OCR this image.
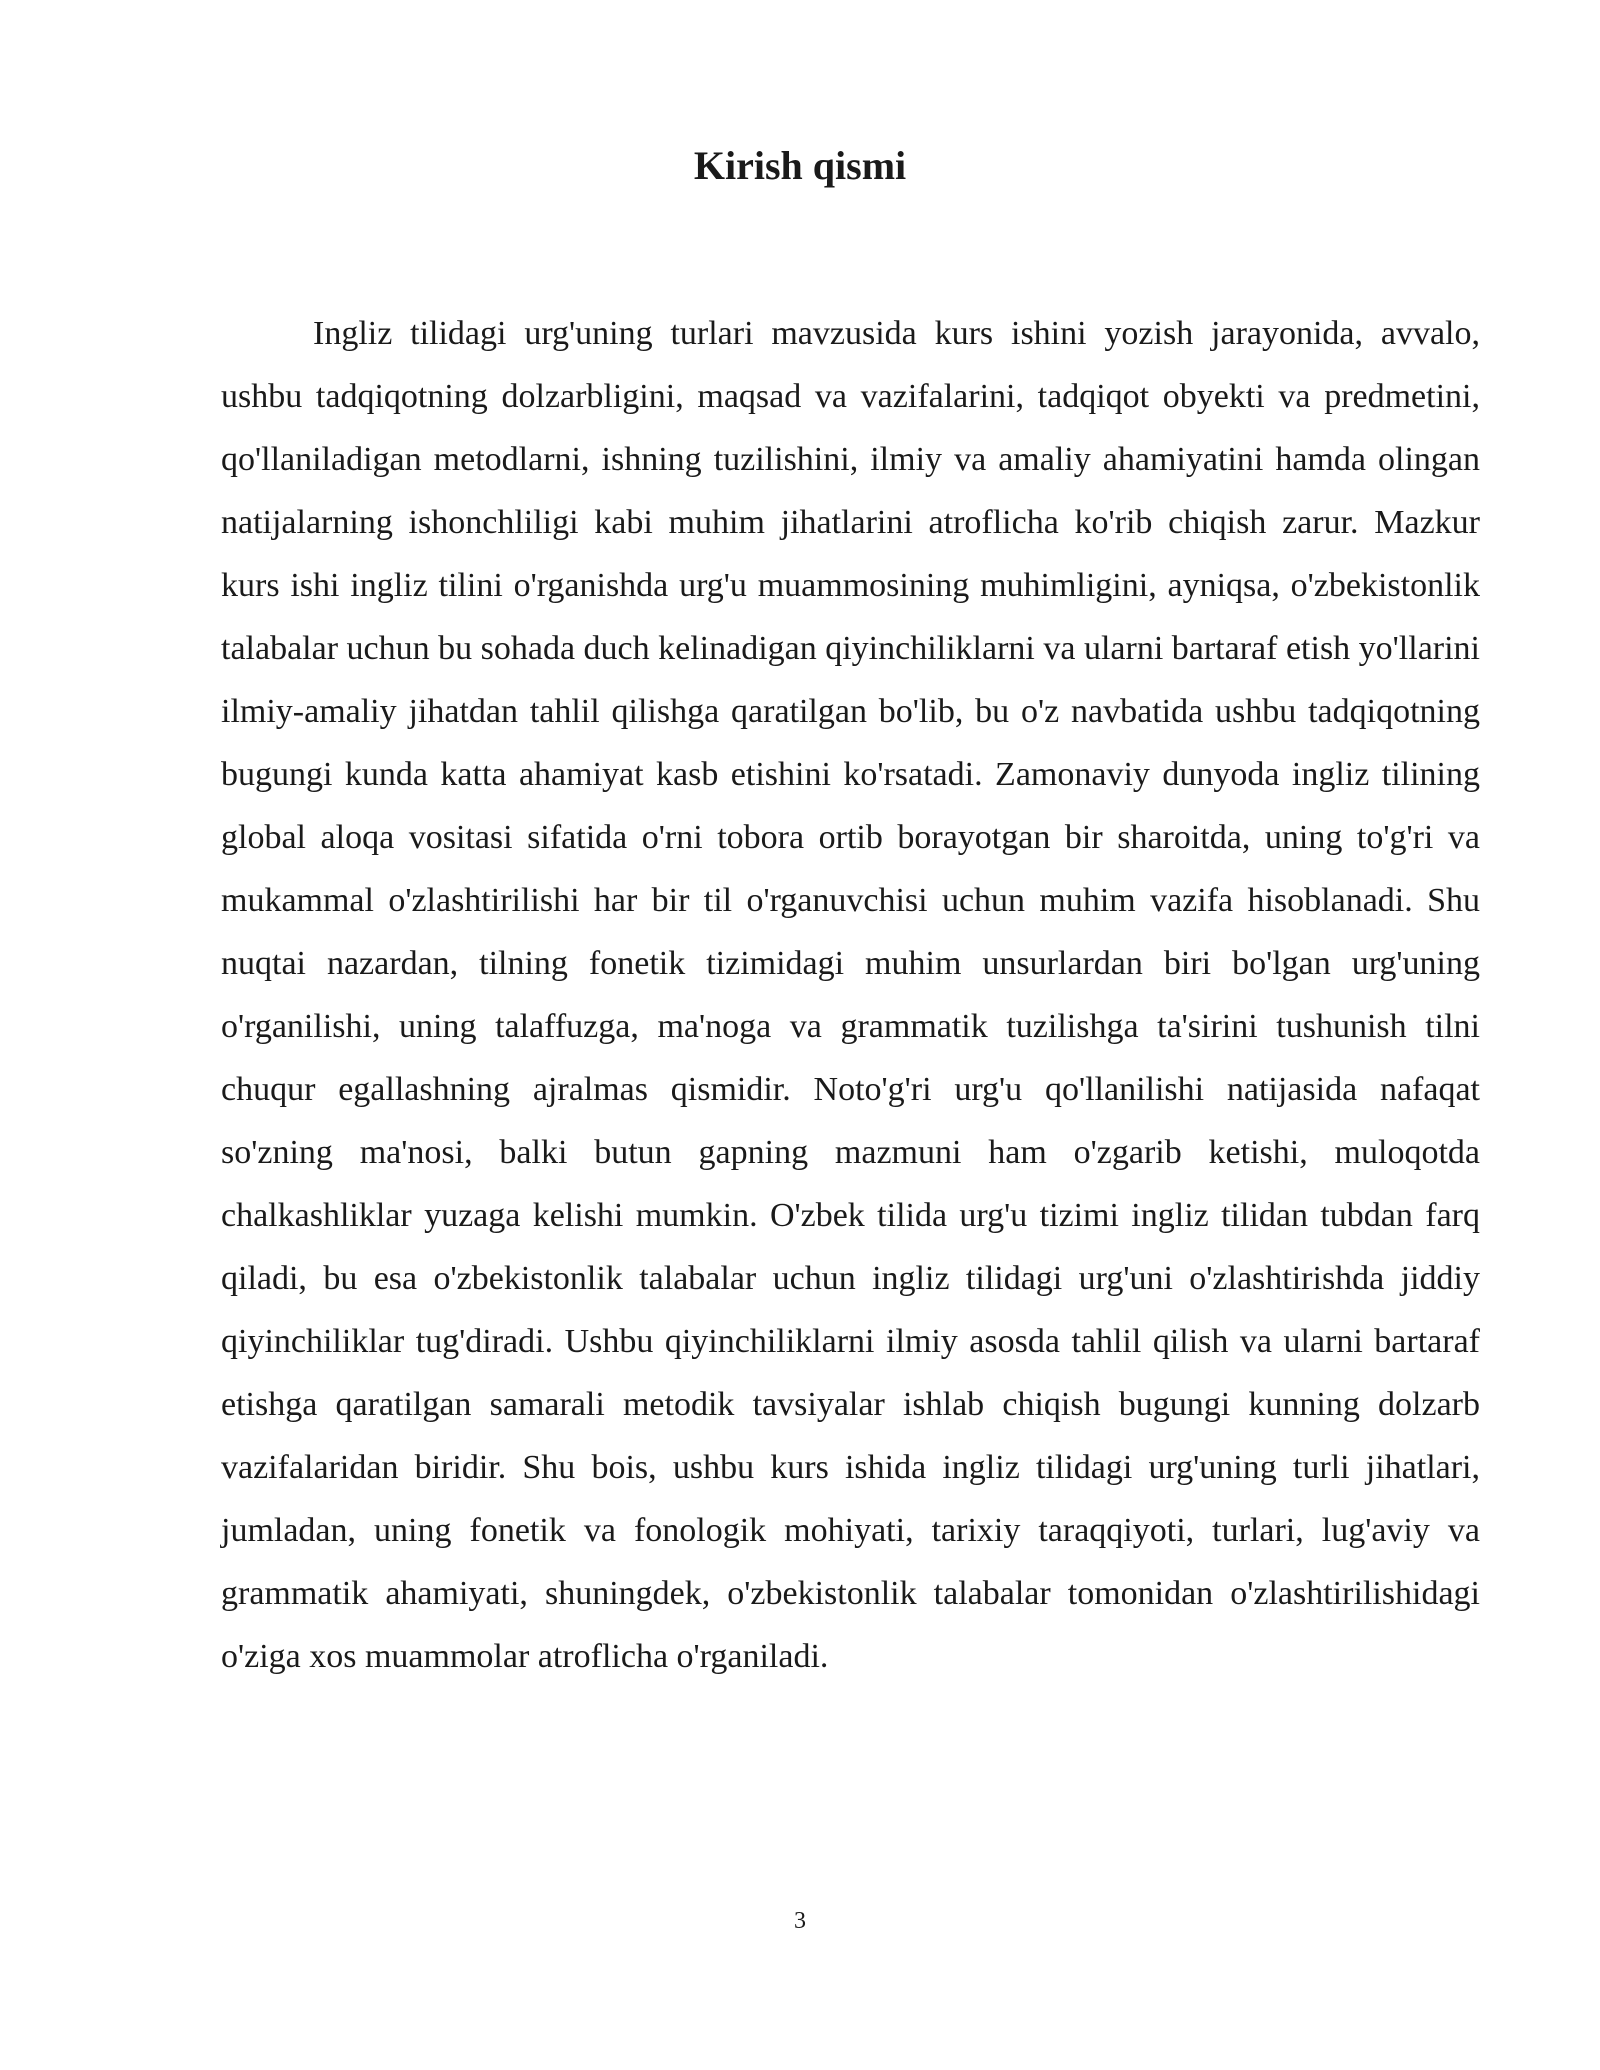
Kirish qismi

Ingliz tilidagi urg'uning turlari mavzusida kurs ishini yozish jarayonida, avvalo, ushbu tadqiqotning dolzarbligini, maqsad va vazifalarini, tadqiqot obyekti va predmetini, qo'llaniladigan metodlarni, ishning tuzilishini, ilmiy va amaliy ahamiyatini hamda olingan natijalarning ishonchliligi kabi muhim jihatlarini atroflicha ko'rib chiqish zarur. Mazkur kurs ishi ingliz tilini o'rganishda urg'u muammosining muhimligini, ayniqsa, o'zbekistonlik talabalar uchun bu sohada duch kelinadigan qiyinchiliklarni va ularni bartaraf etish yo'llarini ilmiy-amaliy jihatdan tahlil qilishga qaratilgan bo'lib, bu o'z navbatida ushbu tadqiqotning bugungi kunda katta ahamiyat kasb etishini ko'rsatadi. Zamonaviy dunyoda ingliz tilining global aloqa vositasi sifatida o'rni tobora ortib borayotgan bir sharoitda, uning to'g'ri va mukammal o'zlashtirilishi har bir til o'rganuvchisi uchun muhim vazifa hisoblanadi. Shu nuqtai nazardan, tilning fonetik tizimidagi muhim unsurlardan biri bo'lgan urg'uning o'rganilishi, uning talaffuzga, ma'noga va grammatik tuzilishga ta'sirini tushunish tilni chuqur egallashning ajralmas qismidir. Noto'g'ri urg'u qo'llanilishi natijasida nafaqat so'zning ma'nosi, balki butun gapning mazmuni ham o'zgarib ketishi, muloqotda chalkashliklar yuzaga kelishi mumkin. O'zbek tilida urg'u tizimi ingliz tilidan tubdan farq qiladi, bu esa o'zbekistonlik talabalar uchun ingliz tilidagi urg'uni o'zlashtirishda jiddiy qiyinchiliklar tug'diradi. Ushbu qiyinchiliklarni ilmiy asosda tahlil qilish va ularni bartaraf etishga qaratilgan samarali metodik tavsiyalar ishlab chiqish bugungi kunning dolzarb vazifalaridan biridir. Shu bois, ushbu kurs ishida ingliz tilidagi urg'uning turli jihatlari, jumladan, uning fonetik va fonologik mohiyati, tarixiy taraqqiyoti, turlari, lug'aviy va grammatik ahamiyati, shuningdek, o'zbekistonlik talabalar tomonidan o'zlashtirilishidagi o'ziga xos muammolar atroflicha o'rganiladi.

3
